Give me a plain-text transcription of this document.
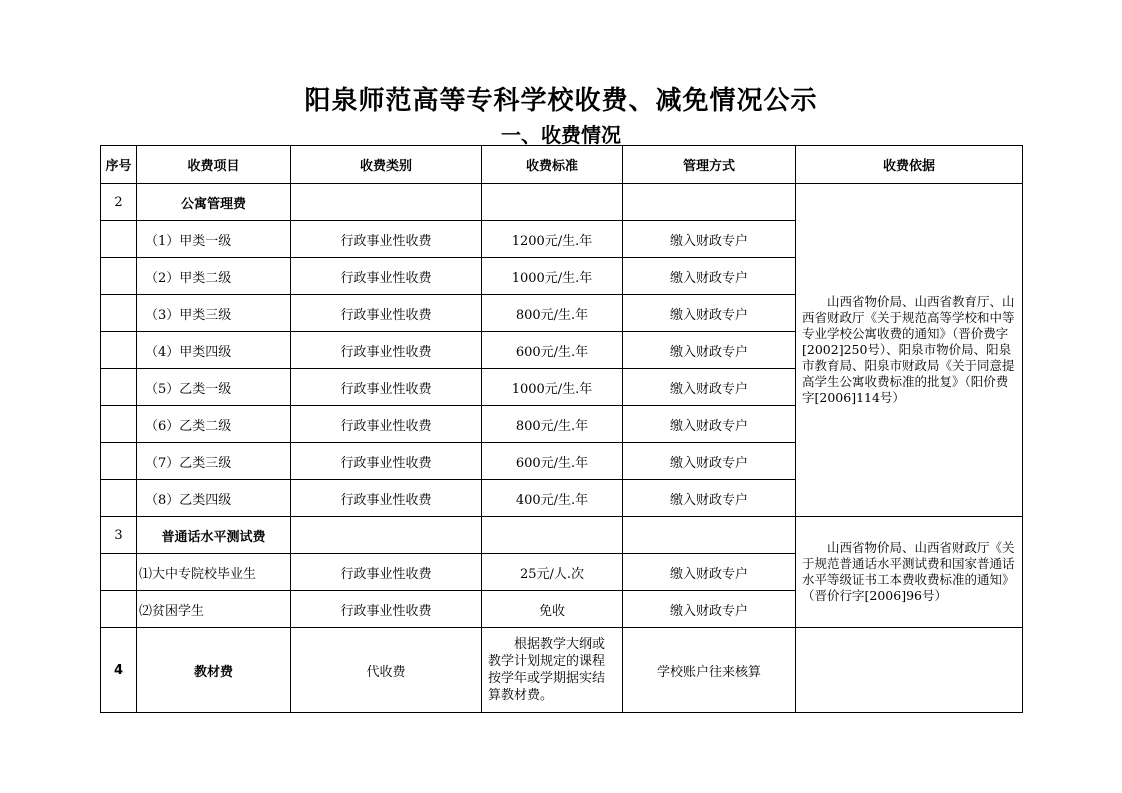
阳泉师范高等专科学校收费、减免情况公示
一、收费情况
序号	收费项目	收费类别	收费标准	管理方式	收费依据
2	公寓管理费				山西省物价局、山西省教育厅、山西省财政厅《关于规范高等学校和中等专业学校公寓收费的通知》（晋价费字[2002]250号）、阳泉市物价局、阳泉市教育局、阳泉市财政局《关于同意提高学生公寓收费标准的批复》（阳价费字[2006]114号）

	（1）甲类一级	行政事业性收费	1200元/生.年	缴入财政专户	
	（2）甲类二级	行政事业性收费	1000元/生.年	缴入财政专户	
	（3）甲类三级	行政事业性收费	800元/生.年	缴入财政专户	
	（4）甲类四级	行政事业性收费	600元/生.年	缴入财政专户	
	（5）乙类一级	行政事业性收费	1000元/生.年	缴入财政专户	
	（6）乙类二级	行政事业性收费	800元/生.年	缴入财政专户	
	（7）乙类三级	行政事业性收费	600元/生.年	缴入财政专户	
	（8）乙类四级	行政事业性收费	400元/生.年	缴入财政专户	
3	普通话水平测试费				山西省物价局、山西省财政厅《关于规范普通话水平测试费和国家普通话水平等级证书工本费收费标准的通知》（晋价行字[2006]96号）

	⑴大中专院校毕业生	行政事业性收费	25元/人.次	缴入财政专户	
	⑵贫困学生	行政事业性收费	免收	缴入财政专户	
4	教材费	代收费	根据教学大纲或教学计划规定的课程按学年或学期据实结算教材费。	学校账户往来核算	
